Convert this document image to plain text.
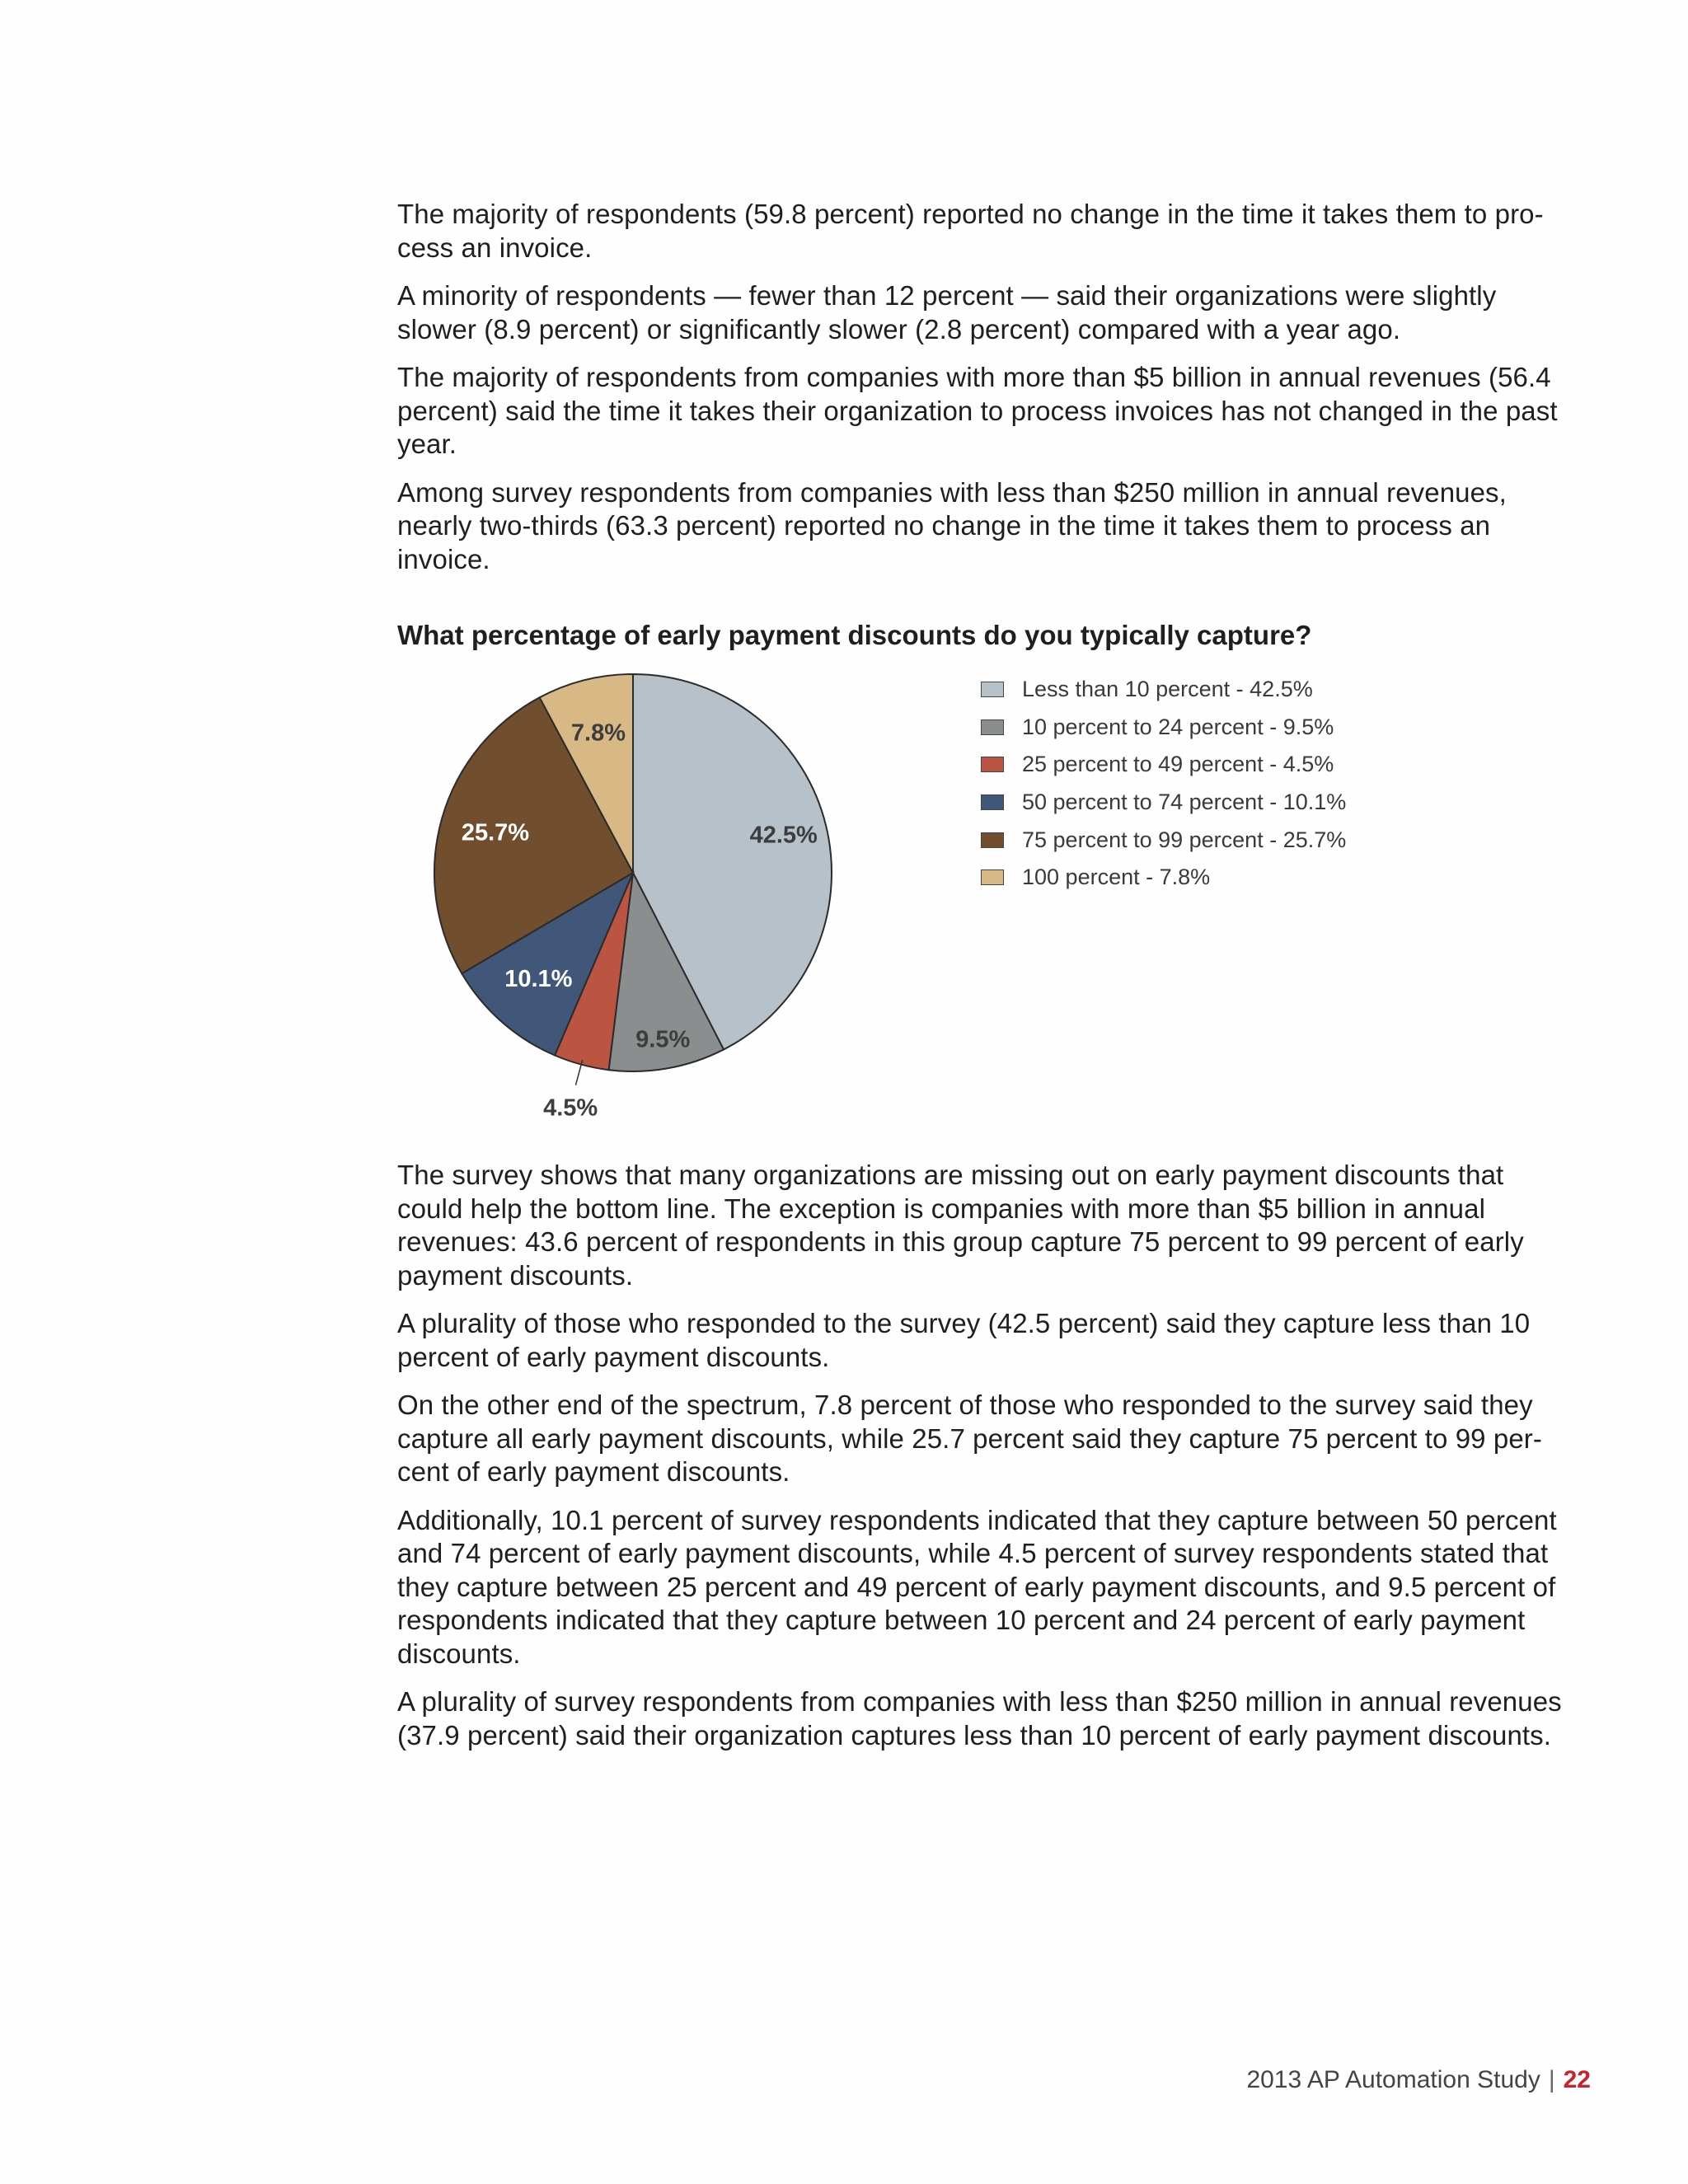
The majority of respondents (59.8 percent) reported no change in the time it takes them to pro-
cess an invoice.

A minority of respondents — fewer than 12 percent — said their organizations were slightly
slower (8.9 percent) or significantly slower (2.8 percent) compared with a year ago.

The majority of respondents from companies with more than $5 billion in annual revenues (56.4
percent) said the time it takes their organization to process invoices has not changed in the past
year.

Among survey respondents from companies with less than $250 million in annual revenues,
nearly two-thirds (63.3 percent) reported no change in the time it takes them to process an
invoice.

What percentage of early payment discounts do you typically capture?
42.5%
9.5%
4.5%
10.1%
25.7%
7.8%
Less than 10 percent - 42.5%
10 percent to 24 percent - 9.5%
25 percent to 49 percent - 4.5%
50 percent to 74 percent - 10.1%
75 percent to 99 percent - 25.7%
100 percent - 7.8%

The survey shows that many organizations are missing out on early payment discounts that
could help the bottom line. The exception is companies with more than $5 billion in annual
revenues: 43.6 percent of respondents in this group capture 75 percent to 99 percent of early
payment discounts.

A plurality of those who responded to the survey (42.5 percent) said they capture less than 10
percent of early payment discounts.

On the other end of the spectrum, 7.8 percent of those who responded to the survey said they
capture all early payment discounts, while 25.7 percent said they capture 75 percent to 99 per-
cent of early payment discounts.

Additionally, 10.1 percent of survey respondents indicated that they capture between 50 percent
and 74 percent of early payment discounts, while 4.5 percent of survey respondents stated that
they capture between 25 percent and 49 percent of early payment discounts, and 9.5 percent of
respondents indicated that they capture between 10 percent and 24 percent of early payment
discounts.

A plurality of survey respondents from companies with less than $250 million in annual revenues
(37.9 percent) said their organization captures less than 10 percent of early payment discounts.

2013 AP Automation Study | 22
